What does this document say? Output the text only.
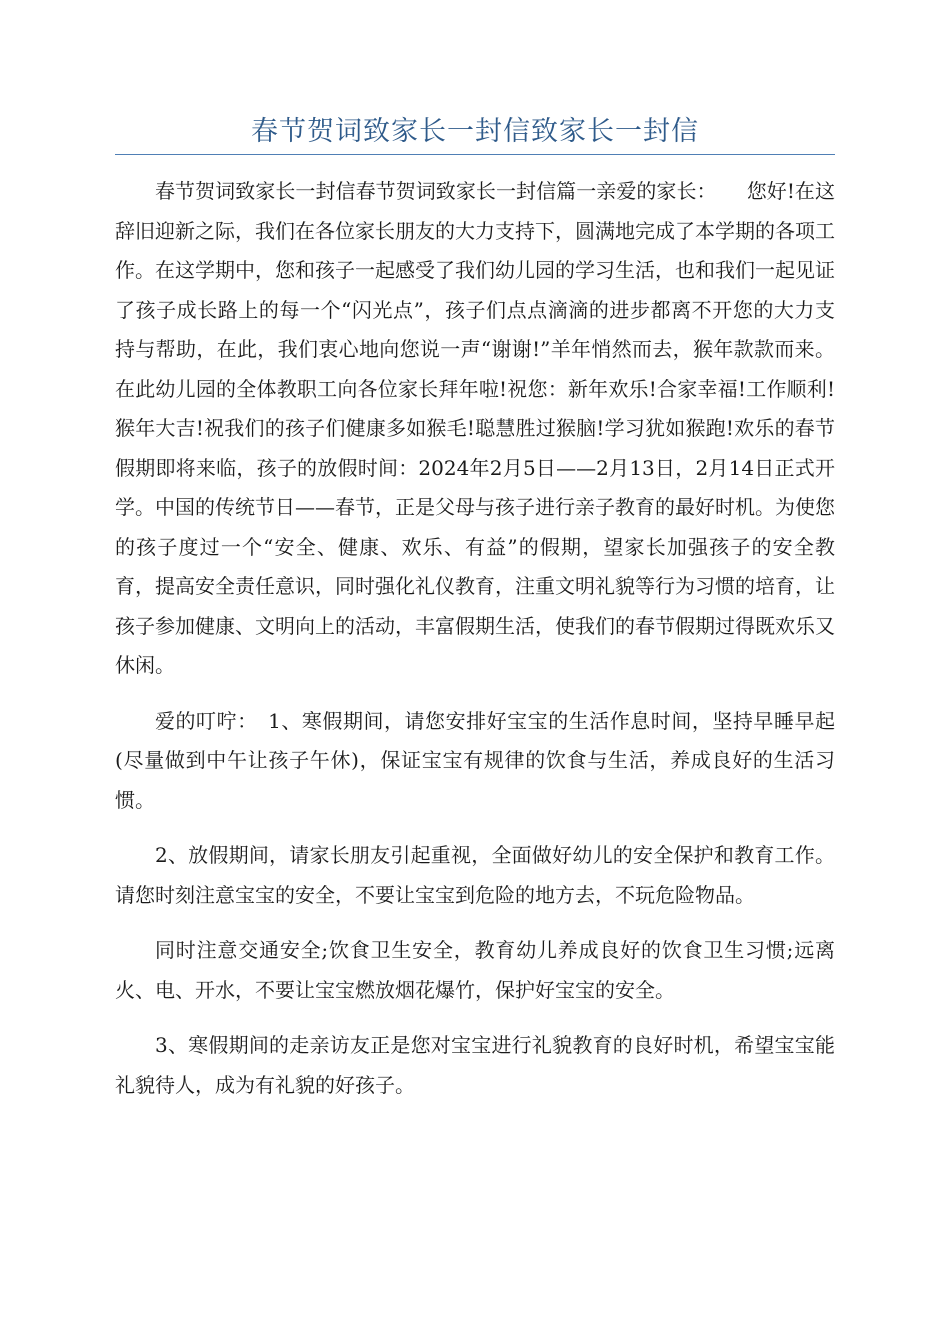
春节贺词致家长一封信致家长一封信

春节贺词致家长一封信春节贺词致家长一封信篇一亲爱的家长：　　您好!在这辞旧迎新之际，我们在各位家长朋友的大力支持下，圆满地完成了本学期的各项工作。在这学期中，您和孩子一起感受了我们幼儿园的学习生活，也和我们一起见证了孩子成长路上的每一个“闪光点”，孩子们点点滴滴的进步都离不开您的大力支持与帮助，在此，我们衷心地向您说一声“谢谢!”羊年悄然而去，猴年款款而来。在此幼儿园的全体教职工向各位家长拜年啦!祝您：新年欢乐!合家幸福!工作顺利!猴年大吉!祝我们的孩子们健康多如猴毛!聪慧胜过猴脑!学习犹如猴跑!欢乐的春节假期即将来临，孩子的放假时间：2024年2月5日——2月13日，2月14日正式开学。中国的传统节日——春节，正是父母与孩子进行亲子教育的最好时机。为使您的孩子度过一个“安全、健康、欢乐、有益”的假期，望家长加强孩子的安全教育，提高安全责任意识，同时强化礼仪教育，注重文明礼貌等行为习惯的培育，让孩子参加健康、文明向上的活动，丰富假期生活，使我们的春节假期过得既欢乐又休闲。

爱的叮咛：　1、寒假期间，请您安排好宝宝的生活作息时间，坚持早睡早起(尽量做到中午让孩子午休)，保证宝宝有规律的饮食与生活，养成良好的生活习惯。

2、放假期间，请家长朋友引起重视，全面做好幼儿的安全保护和教育工作。请您时刻注意宝宝的安全，不要让宝宝到危险的地方去，不玩危险物品。

同时注意交通安全;饮食卫生安全，教育幼儿养成良好的饮食卫生习惯;远离火、电、开水，不要让宝宝燃放烟花爆竹，保护好宝宝的安全。

3、寒假期间的走亲访友正是您对宝宝进行礼貌教育的良好时机，希望宝宝能礼貌待人，成为有礼貌的好孩子。
